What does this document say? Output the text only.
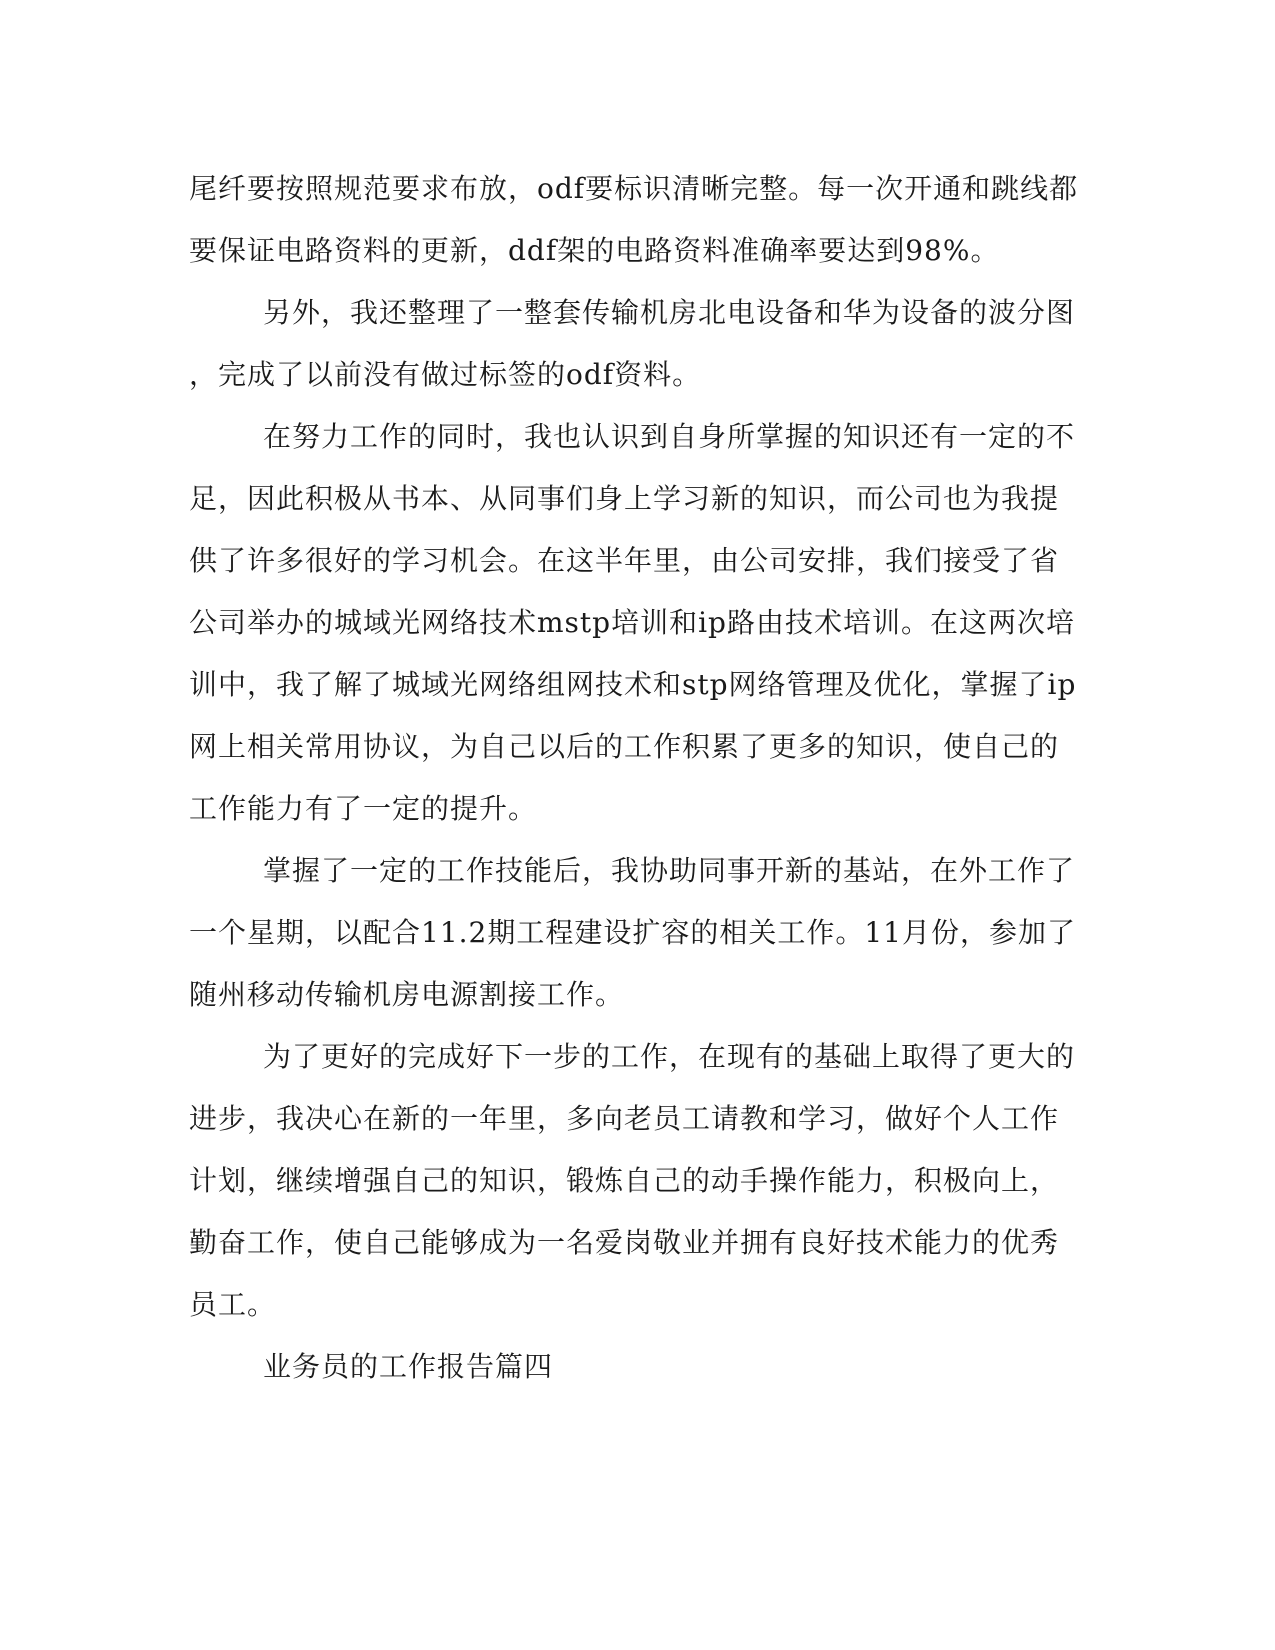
尾纤要按照规范要求布放，odf要标识清晰完整。每一次开通和跳线都
要保证电路资料的更新，ddf架的电路资料准确率要达到98%。
另外，我还整理了一整套传输机房北电设备和华为设备的波分图
，完成了以前没有做过标签的odf资料。
在努力工作的同时，我也认识到自身所掌握的知识还有一定的不
足，因此积极从书本、从同事们身上学习新的知识，而公司也为我提
供了许多很好的学习机会。在这半年里，由公司安排，我们接受了省
公司举办的城域光网络技术mstp培训和ip路由技术培训。在这两次培
训中，我了解了城域光网络组网技术和stp网络管理及优化，掌握了ip
网上相关常用协议，为自己以后的工作积累了更多的知识，使自己的
工作能力有了一定的提升。
掌握了一定的工作技能后，我协助同事开新的基站，在外工作了
一个星期，以配合11.2期工程建设扩容的相关工作。11月份，参加了
随州移动传输机房电源割接工作。
为了更好的完成好下一步的工作，在现有的基础上取得了更大的
进步，我决心在新的一年里，多向老员工请教和学习，做好个人工作
计划，继续增强自己的知识，锻炼自己的动手操作能力，积极向上，
勤奋工作，使自己能够成为一名爱岗敬业并拥有良好技术能力的优秀
员工。
业务员的工作报告篇四
